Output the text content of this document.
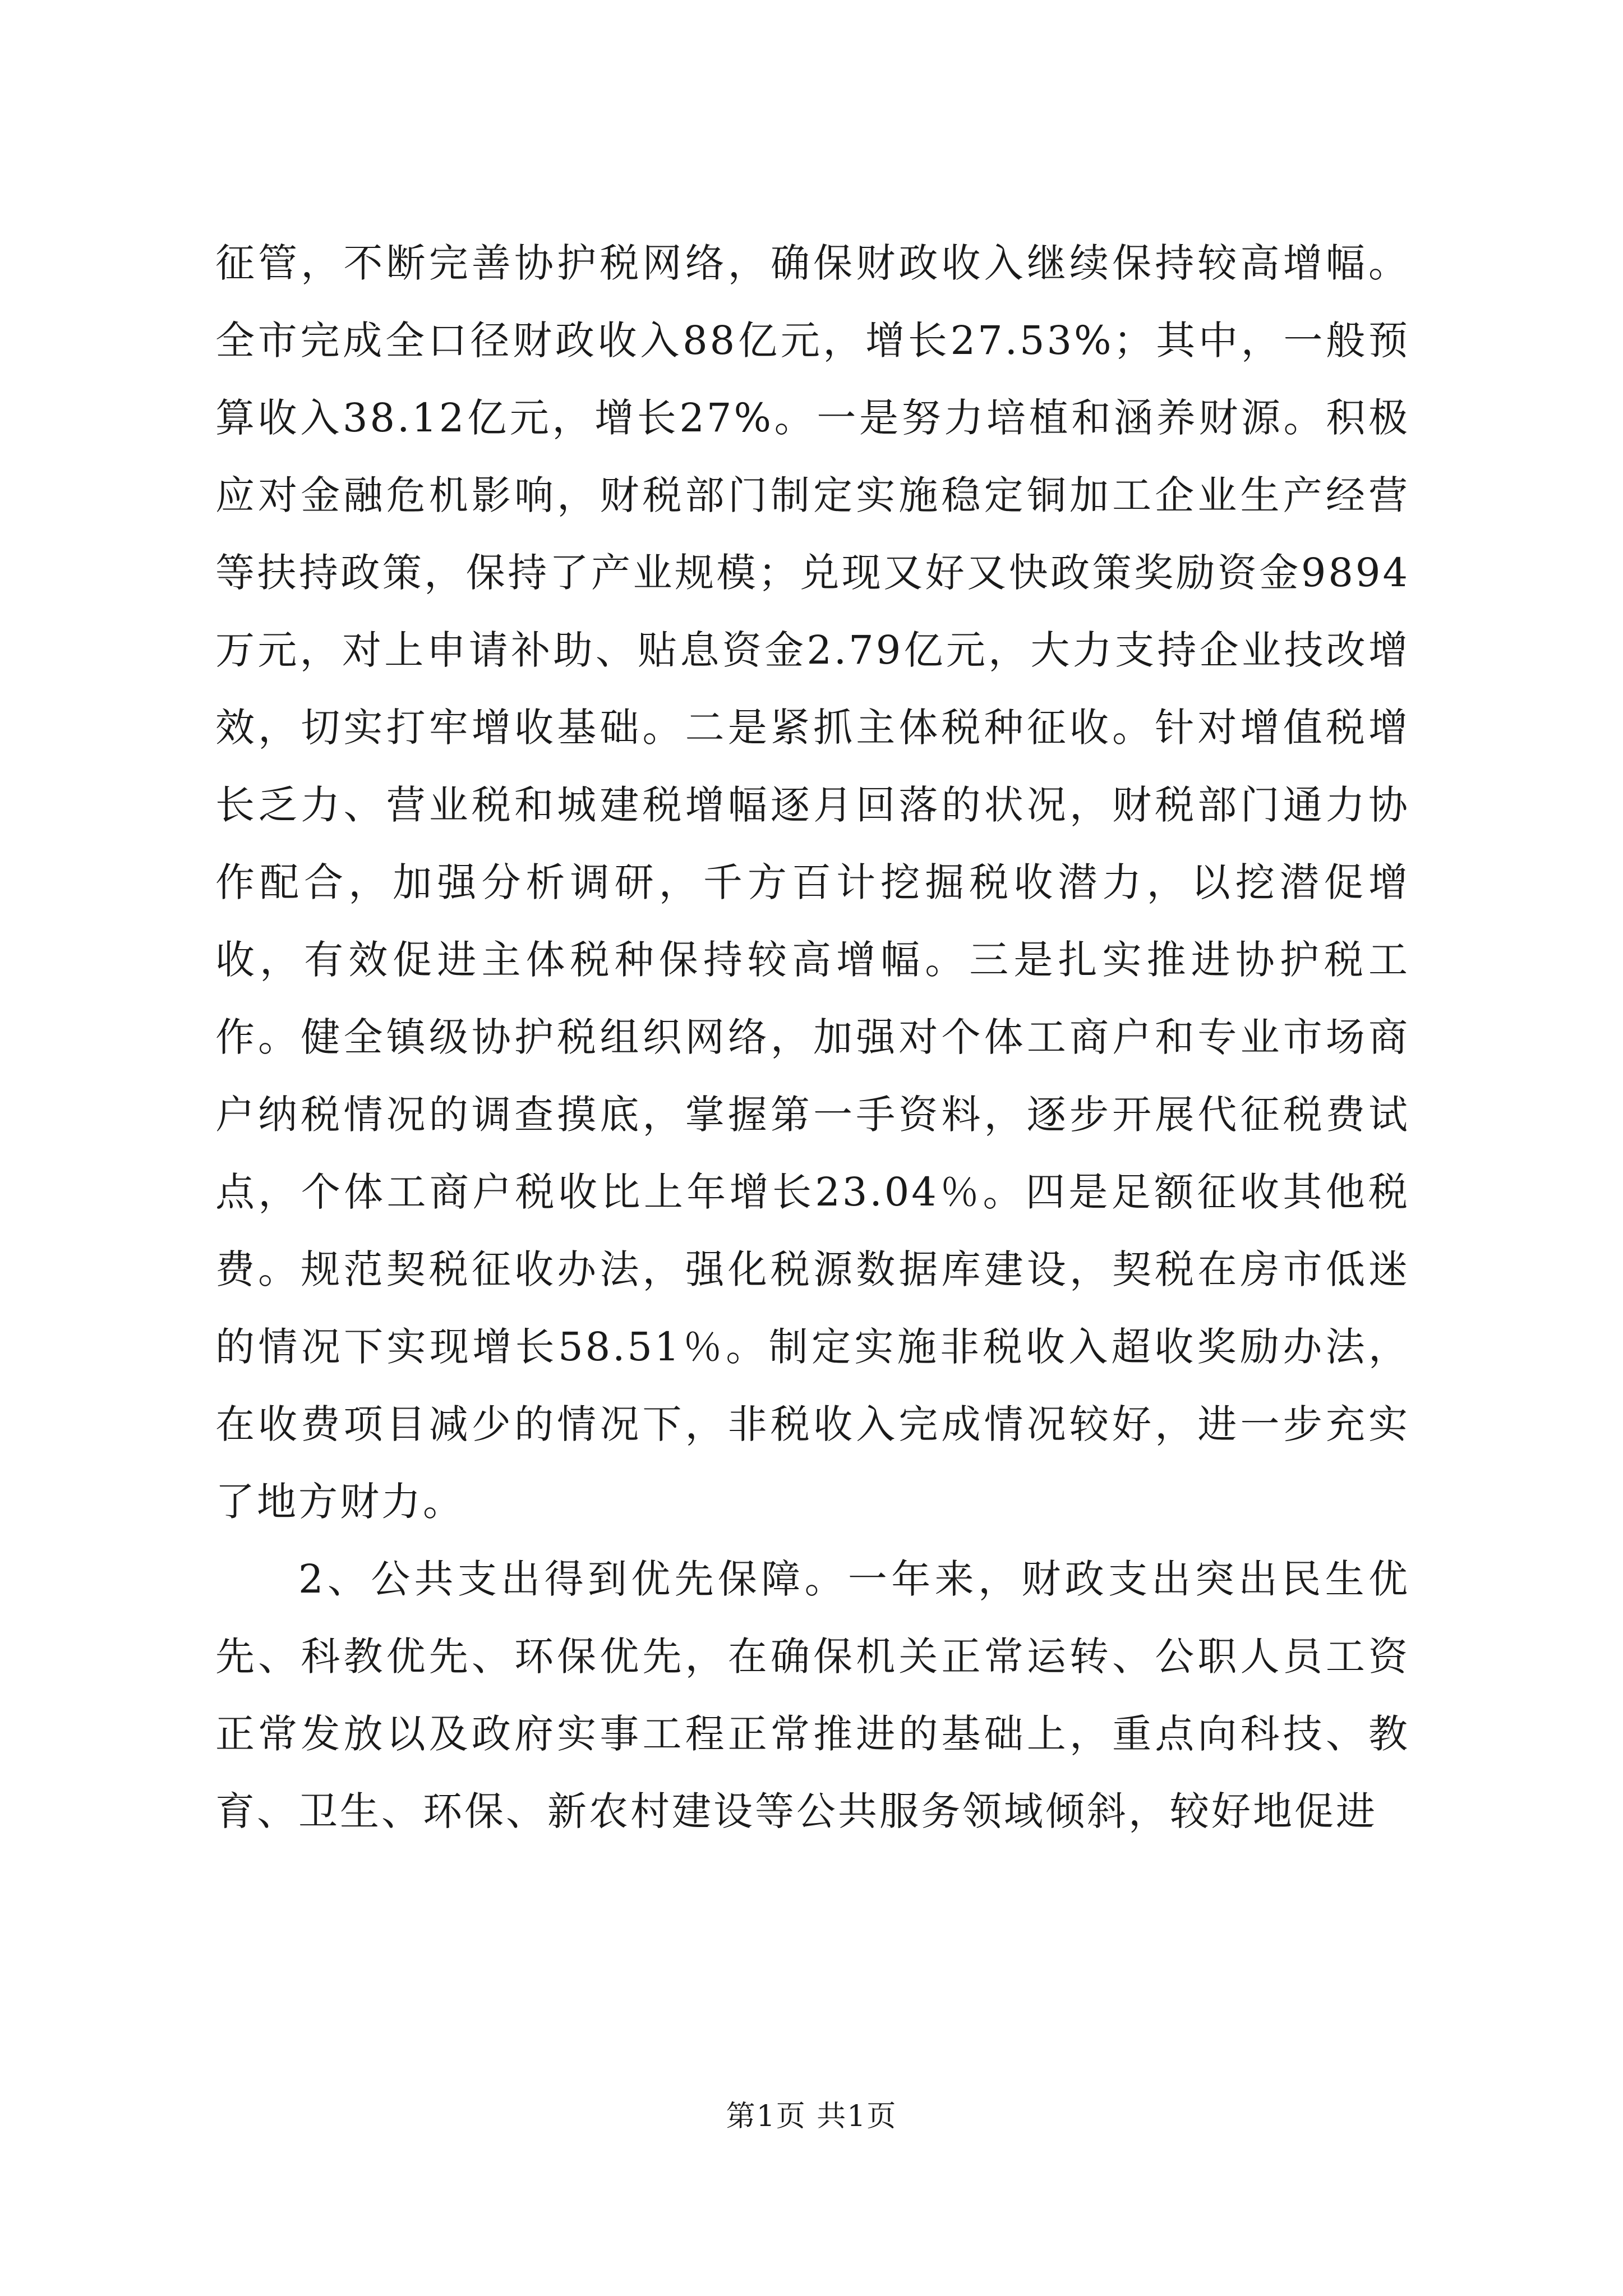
征管，不断完善协护税网络，确保财政收入继续保持较高增幅。全市完成全口径财政收入88亿元，增长27.53%；其中，一般预算收入38.12亿元，增长27%。一是努力培植和涵养财源。积极应对金融危机影响，财税部门制定实施稳定铜加工企业生产经营等扶持政策，保持了产业规模；兑现又好又快政策奖励资金9894万元，对上申请补助、贴息资金2.79亿元，大力支持企业技改增效，切实打牢增收基础。二是紧抓主体税种征收。针对增值税增长乏力、营业税和城建税增幅逐月回落的状况，财税部门通力协作配合，加强分析调研，千方百计挖掘税收潜力，以挖潜促增收，有效促进主体税种保持较高增幅。三是扎实推进协护税工作。健全镇级协护税组织网络，加强对个体工商户和专业市场商户纳税情况的调查摸底，掌握第一手资料，逐步开展代征税费试点，个体工商户税收比上年增长23.04％。四是足额征收其他税费。规范契税征收办法，强化税源数据库建设，契税在房市低迷的情况下实现增长58.51％。制定实施非税收入超收奖励办法，在收费项目减少的情况下，非税收入完成情况较好，进一步充实了地方财力。

2、公共支出得到优先保障。一年来，财政支出突出民生优先、科教优先、环保优先，在确保机关正常运转、公职人员工资正常发放以及政府实事工程正常推进的基础上，重点向科技、教育、卫生、环保、新农村建设等公共服务领域倾斜，较好地促进

第1页 共1页
